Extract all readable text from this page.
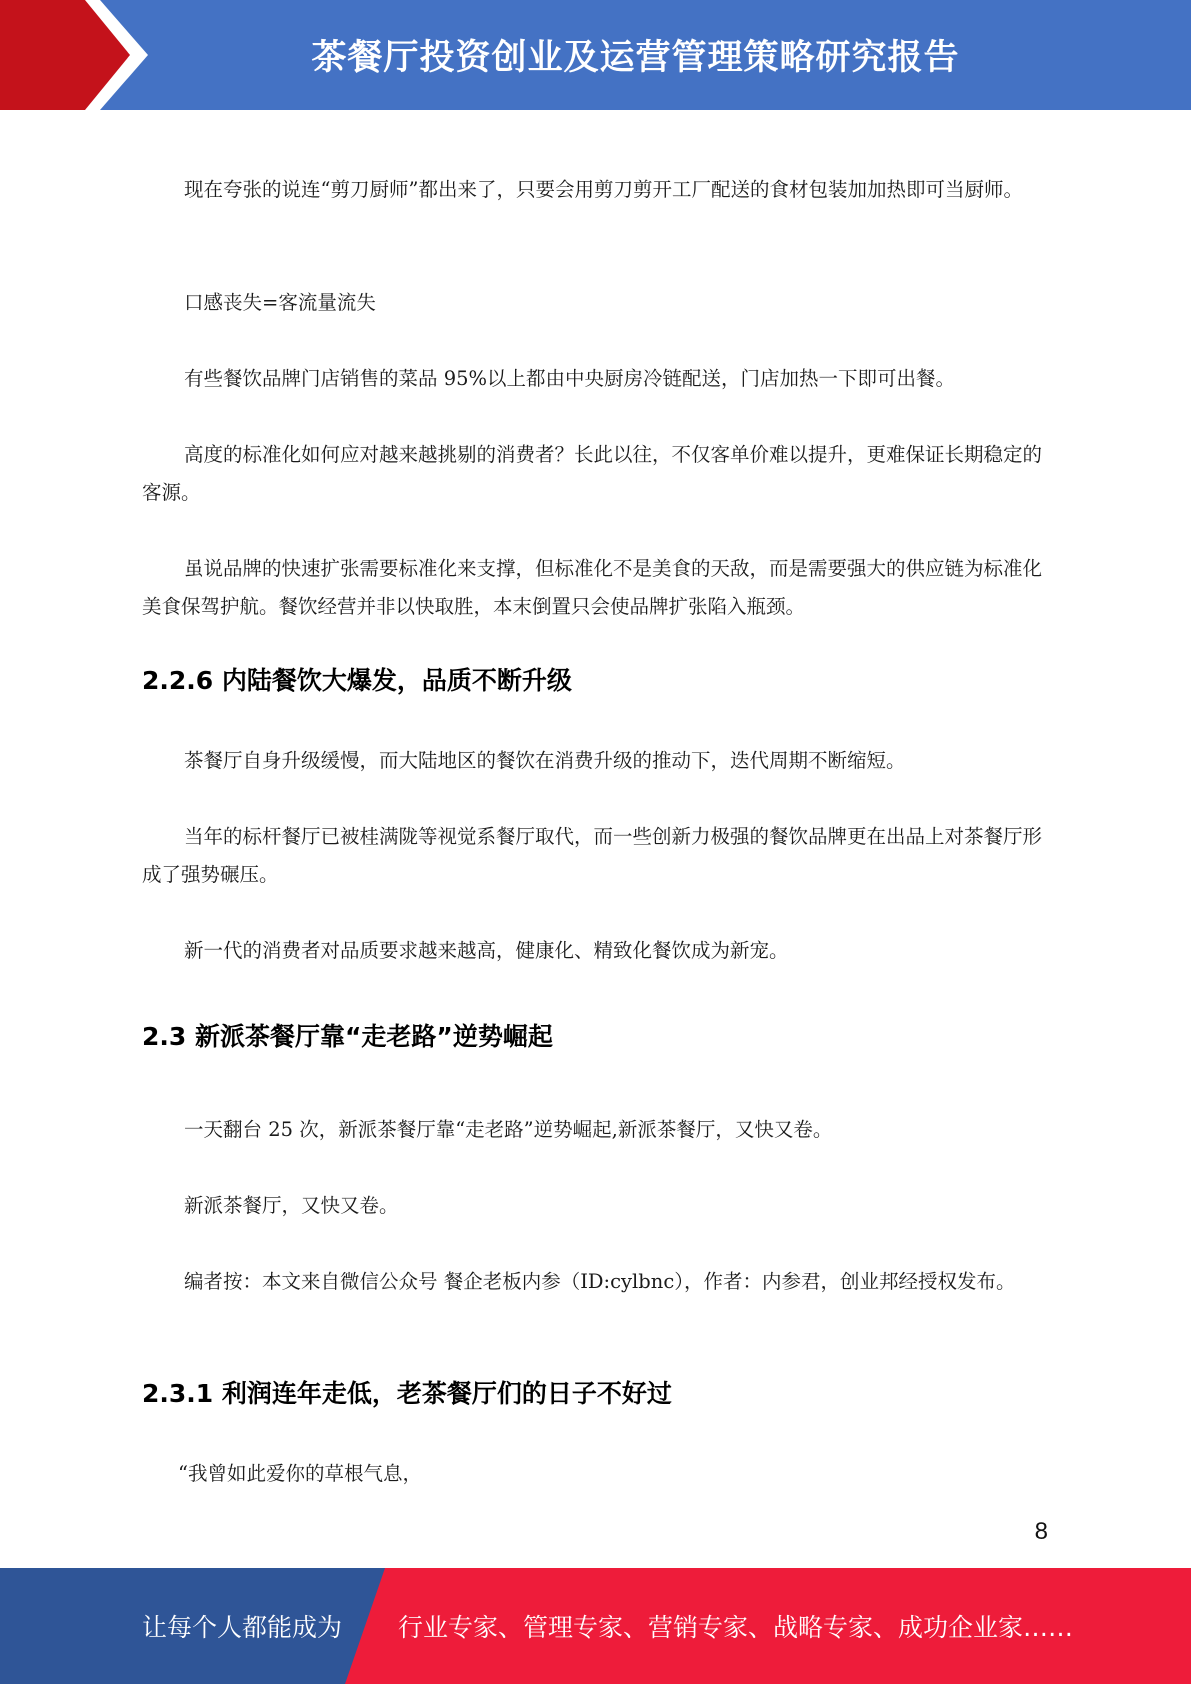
茶餐厅投资创业及运营管理策略研究报告

现在夸张的说连“剪刀厨师”都出来了，只要会用剪刀剪开工厂配送的食材包装加加热即可当厨师。

口感丧失=客流量流失

有些餐饮品牌门店销售的菜品 95%以上都由中央厨房冷链配送，门店加热一下即可出餐。

高度的标准化如何应对越来越挑剔的消费者？长此以往，不仅客单价难以提升，更难保证长期稳定的客源。

虽说品牌的快速扩张需要标准化来支撑，但标准化不是美食的天敌，而是需要强大的供应链为标准化美食保驾护航。餐饮经营并非以快取胜，本末倒置只会使品牌扩张陷入瓶颈。

2.2.6 内陆餐饮大爆发，品质不断升级

茶餐厅自身升级缓慢，而大陆地区的餐饮在消费升级的推动下，迭代周期不断缩短。

当年的标杆餐厅已被桂满陇等视觉系餐厅取代，而一些创新力极强的餐饮品牌更在出品上对茶餐厅形成了强势碾压。

新一代的消费者对品质要求越来越高，健康化、精致化餐饮成为新宠。

2.3 新派茶餐厅靠“走老路”逆势崛起

一天翻台 25 次，新派茶餐厅靠“走老路”逆势崛起,新派茶餐厅，又快又卷。

新派茶餐厅，又快又卷。

编者按：本文来自微信公众号 餐企老板内参（ID:cylbnc），作者：内参君，创业邦经授权发布。

2.3.1 利润连年走低，老茶餐厅们的日子不好过

“我曾如此爱你的草根气息，

8
让每个人都能成为 行业专家、管理专家、营销专家、战略专家、成功企业家……
